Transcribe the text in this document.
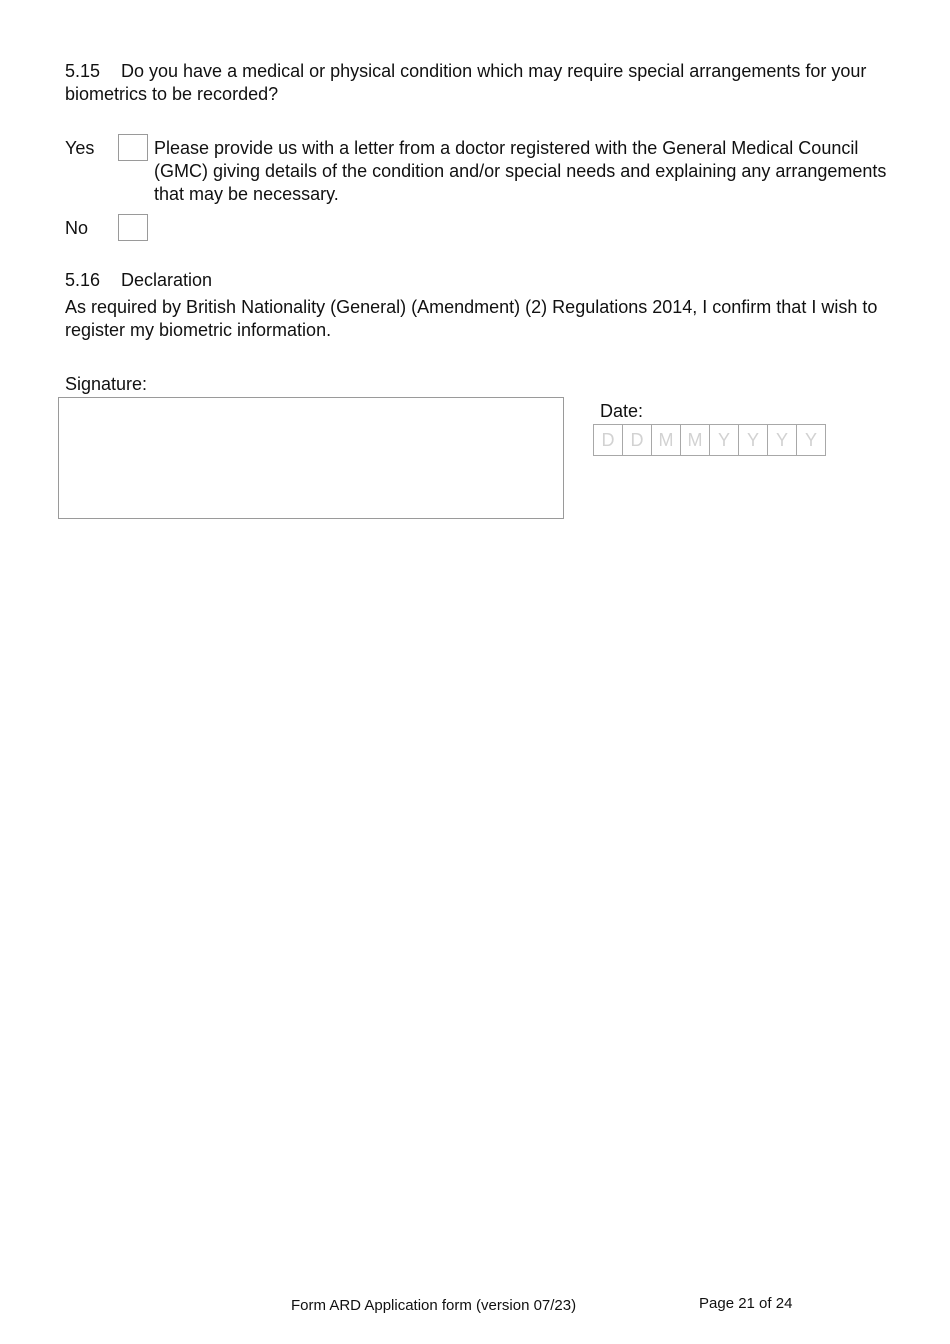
5.15 Do you have a medical or physical condition which may require special arrangements for your biometrics to be recorded?
Yes	Please provide us with a letter from a doctor registered with the General Medical Council (GMC) giving details of the condition and/or special needs and explaining any arrangements that may be necessary.
No
5.16 Declaration
As required by British Nationality (General) (Amendment) (2) Regulations 2014, I confirm that I wish to register my biometric information.
Signature:
Date:
D D M M Y Y Y Y
Form ARD Application form (version 07/23)	Page 21 of 24
